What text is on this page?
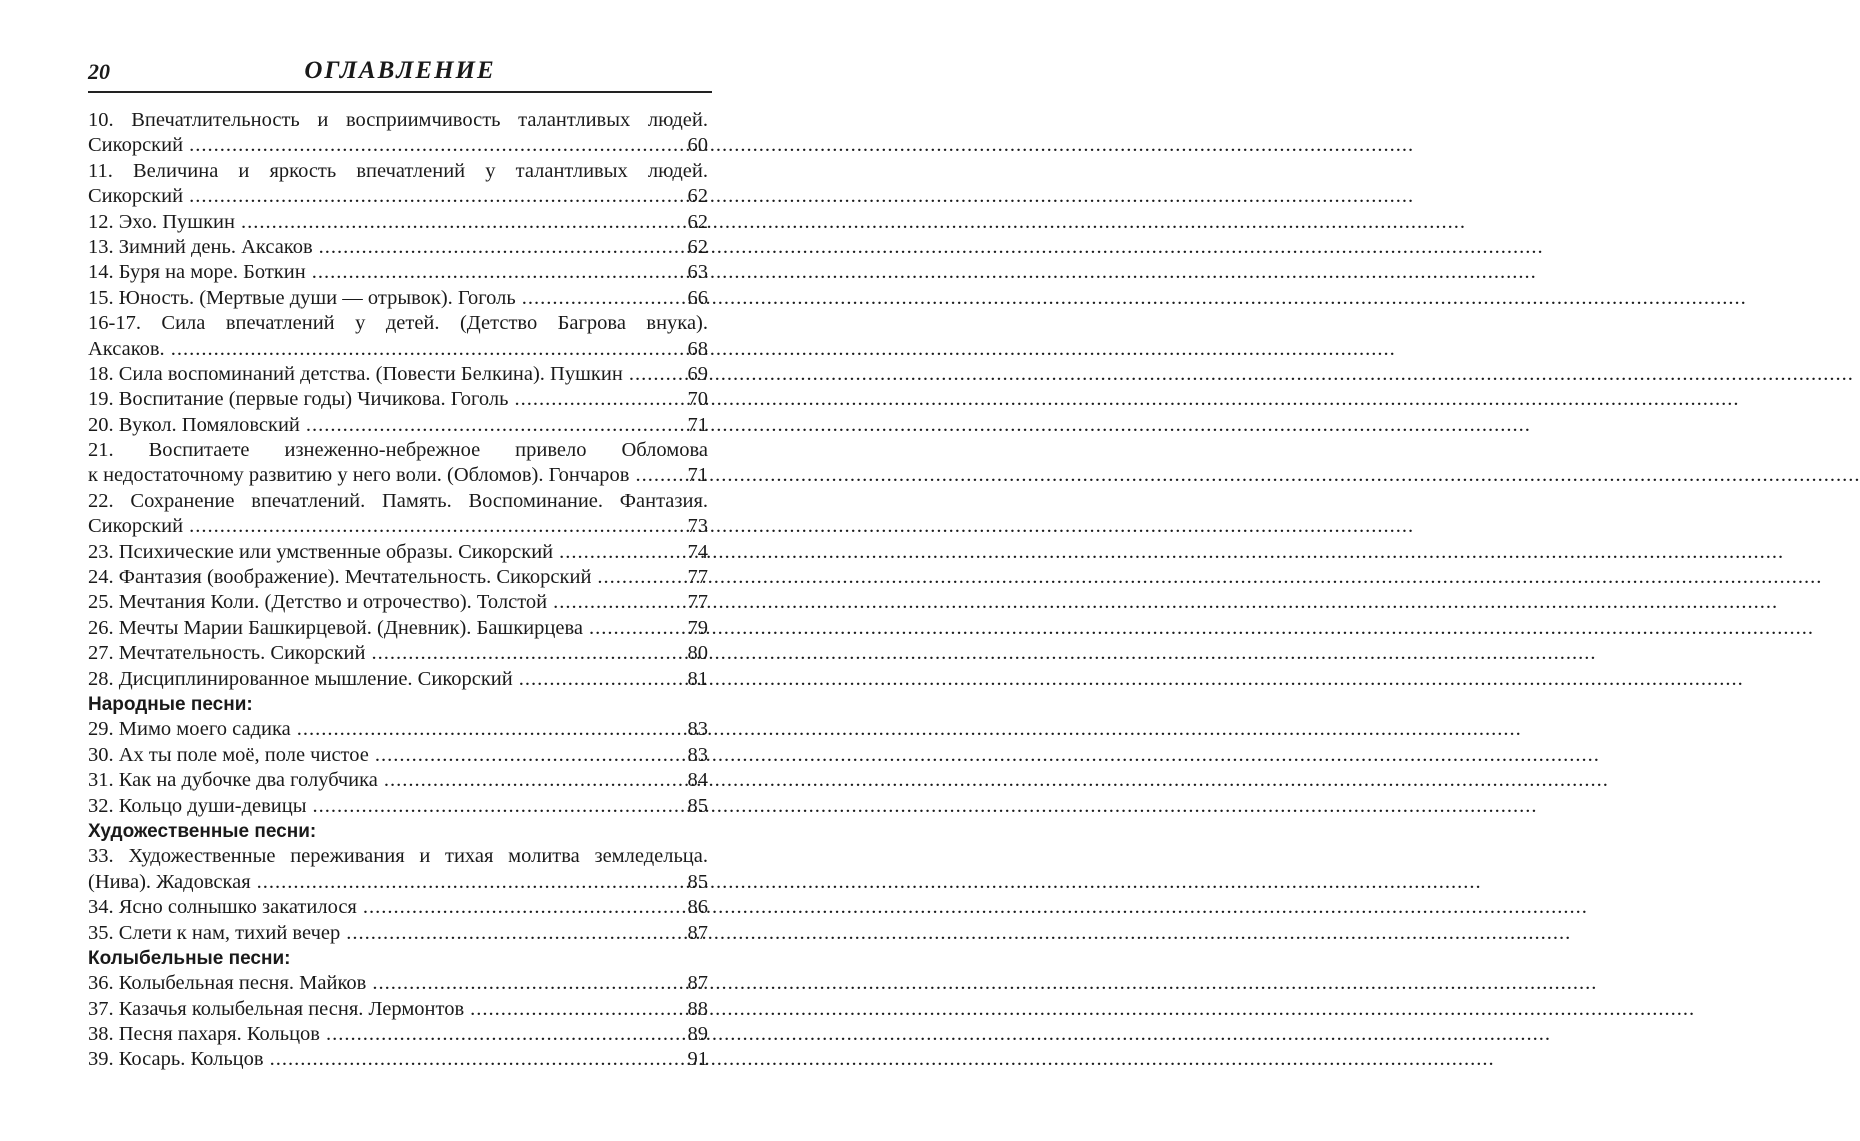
20	ОГЛАВЛЕНИЕ
10. Впечатлительность и восприимчивость талантливых людей.
Сикорский .....	60
11. Величина и яркость впечатлений у талантливых людей.
Сикорский .....	62
12. Эхо. Пушкин .....	62
13. Зимний день. Аксаков .....	62
14. Буря на море. Боткин .....	63
15. Юность. (Мертвые души — отрывок). Гоголь .....	66
16-17. Сила впечатлений у детей. (Детство Багрова внука).
Аксаков. .....	68
18. Сила воспоминаний детства. (Повести Белкина). Пушкин .....	69
19. Воспитание (первые годы) Чичикова. Гоголь .....	70
20. Вукол. Помяловский .....	71
21. Воспитаете изнеженно-небрежное привело Обломова
к недостаточному развитию у него воли. (Обломов). Гончаров .....	71
22. Сохранение впечатлений. Память. Воспоминание. Фантазия.
Сикорский .....	73
23. Психические или умственные образы. Сикорский .....	74
24. Фантазия (воображение). Мечтательность. Сикорский .....	77
25. Мечтания Коли. (Детство и отрочество). Толстой .....	77
26. Мечты Марии Башкирцевой. (Дневник). Башкирцева .....	79
27. Мечтательность. Сикорский .....	80
28. Дисциплинированное мышление. Сикорский .....	81
Народные песни:
29. Мимо моего садика .....	83
30. Ах ты поле моё, поле чистое .....	83
31. Как на дубочке два голубчика .....	84
32. Кольцо души-девицы .....	85
Художественные песни:
33. Художественные переживания и тихая молитва земледельца.
(Нива). Жадовская .....	85
34. Ясно солнышко закатилося .....	86
35. Слети к нам, тихий вечер .....	87
Колыбельные песни:
36. Колыбельная песня. Майков .....	87
37. Казачья колыбельная песня. Лермонтов .....	88
38. Песня пахаря. Кольцов .....	89
39. Косарь. Кольцов .....	91
